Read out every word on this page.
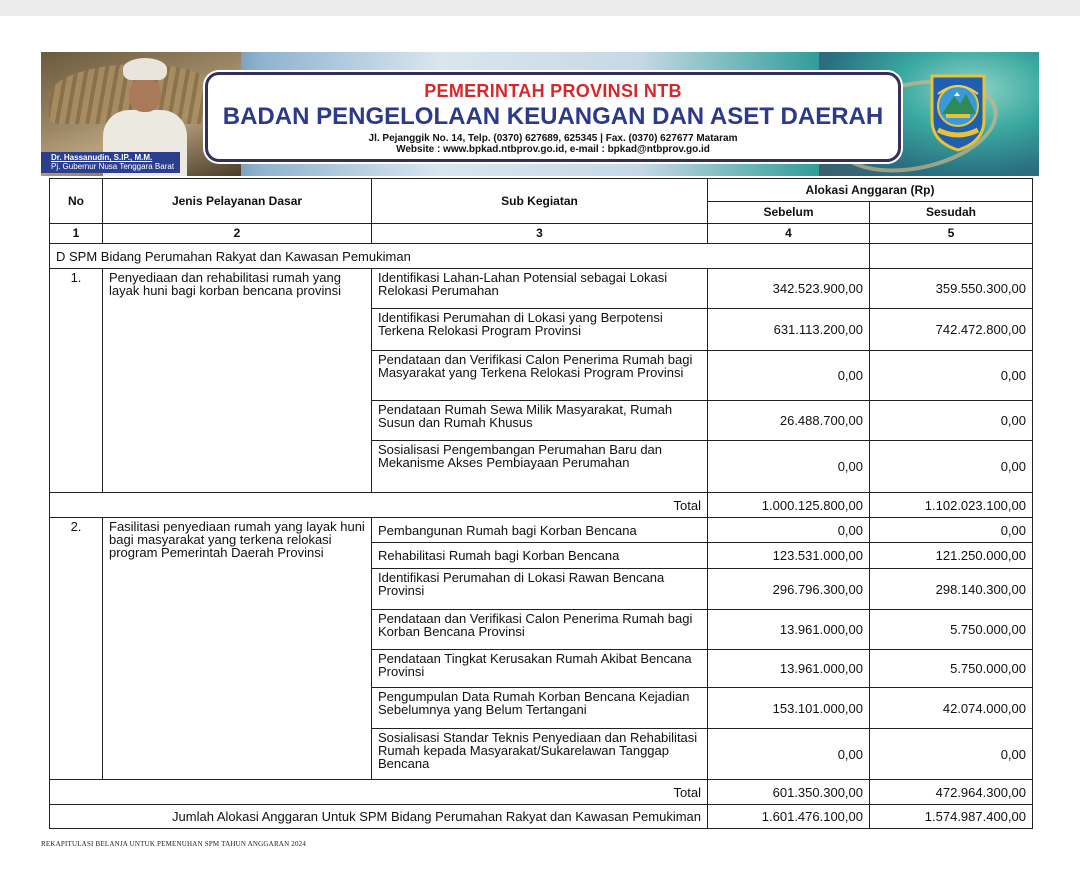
PEMERINTAH PROVINSI NTB
BADAN PENGELOLAAN KEUANGAN DAN ASET DAERAH
Jl. Pejanggik No. 14, Telp. (0370) 627689, 625345 | Fax. (0370) 627677 Mataram
Website : www.bpkad.ntbprov.go.id, e-mail : bpkad@ntbprov.go.id
Dr. Hassanudin, S.IP., M.M.
Pj. Gubernur Nusa Tenggara Barat
No	Jenis Pelayanan Dasar	Sub Kegiatan	Alokasi Anggaran (Rp)	
			Sebelum	Sesudah
1	2	3	4	5
D SPM Bidang Perumahan Rakyat dan Kawasan Pemukiman				
1.	Penyediaan dan rehabilitasi rumah yang layak huni bagi korban bencana provinsi	Identifikasi Lahan-Lahan Potensial sebagai Lokasi Relokasi Perumahan	342.523.900,00	359.550.300,00
		Identifikasi Perumahan di Lokasi yang Berpotensi Terkena Relokasi Program Provinsi	631.113.200,00	742.472.800,00
		Pendataan dan Verifikasi Calon Penerima Rumah bagi Masyarakat yang Terkena Relokasi Program Provinsi	0,00	0,00
		Pendataan Rumah Sewa Milik Masyarakat, Rumah Susun dan Rumah Khusus	26.488.700,00	0,00
		Sosialisasi Pengembangan Perumahan Baru dan Mekanisme Akses Pembiayaan Perumahan	0,00	0,00
Total			1.000.125.800,00	1.102.023.100,00
2.	Fasilitasi penyediaan rumah yang layak huni bagi masyarakat yang terkena relokasi program Pemerintah Daerah Provinsi	Pembangunan Rumah bagi Korban Bencana	0,00	0,00
		Rehabilitasi Rumah bagi Korban Bencana	123.531.000,00	121.250.000,00
		Identifikasi Perumahan di Lokasi Rawan Bencana Provinsi	296.796.300,00	298.140.300,00
		Pendataan dan Verifikasi Calon Penerima Rumah bagi Korban Bencana Provinsi	13.961.000,00	5.750.000,00
		Pendataan Tingkat Kerusakan Rumah Akibat Bencana Provinsi	13.961.000,00	5.750.000,00
		Pengumpulan Data Rumah Korban Bencana Kejadian Sebelumnya yang Belum Tertangani	153.101.000,00	42.074.000,00
		Sosialisasi Standar Teknis Penyediaan dan Rehabilitasi Rumah kepada Masyarakat/Sukarelawan Tanggap Bencana	0,00	0,00
Total			601.350.300,00	472.964.300,00
Jumlah Alokasi Anggaran Untuk SPM Bidang Perumahan Rakyat dan Kawasan Pemukiman			1.601.476.100,00	1.574.987.400,00
REKAPITULASI BELANJA UNTUK PEMENUHAN SPM TAHUN ANGGARAN 2024
